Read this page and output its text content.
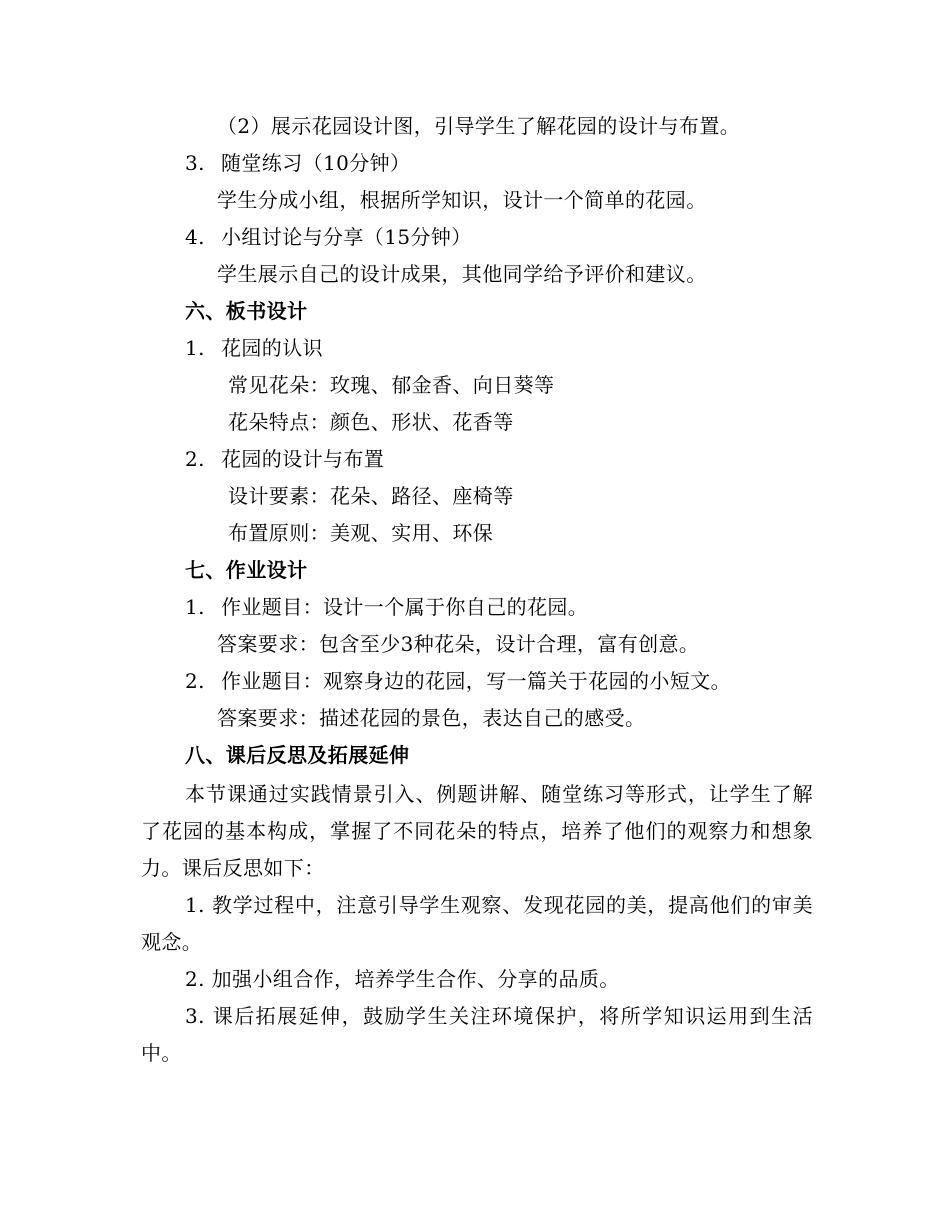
（2）展示花园设计图，引导学生了解花园的设计与布置。
3. 随堂练习（10分钟）
学生分成小组，根据所学知识，设计一个简单的花园。
4. 小组讨论与分享（15分钟）
学生展示自己的设计成果，其他同学给予评价和建议。
六、板书设计
1. 花园的认识
常见花朵：玫瑰、郁金香、向日葵等
花朵特点：颜色、形状、花香等
2. 花园的设计与布置
设计要素：花朵、路径、座椅等
布置原则：美观、实用、环保
七、作业设计
1. 作业题目：设计一个属于你自己的花园。
答案要求：包含至少3种花朵，设计合理，富有创意。
2. 作业题目：观察身边的花园，写一篇关于花园的小短文。
答案要求：描述花园的景色，表达自己的感受。
八、课后反思及拓展延伸
本节课通过实践情景引入、例题讲解、随堂练习等形式，让学生了解了花园的基本构成，掌握了不同花朵的特点，培养了他们的观察力和想象力。课后反思如下：
1. 教学过程中，注意引导学生观察、发现花园的美，提高他们的审美观念。
2. 加强小组合作，培养学生合作、分享的品质。
3. 课后拓展延伸，鼓励学生关注环境保护，将所学知识运用到生活中。
